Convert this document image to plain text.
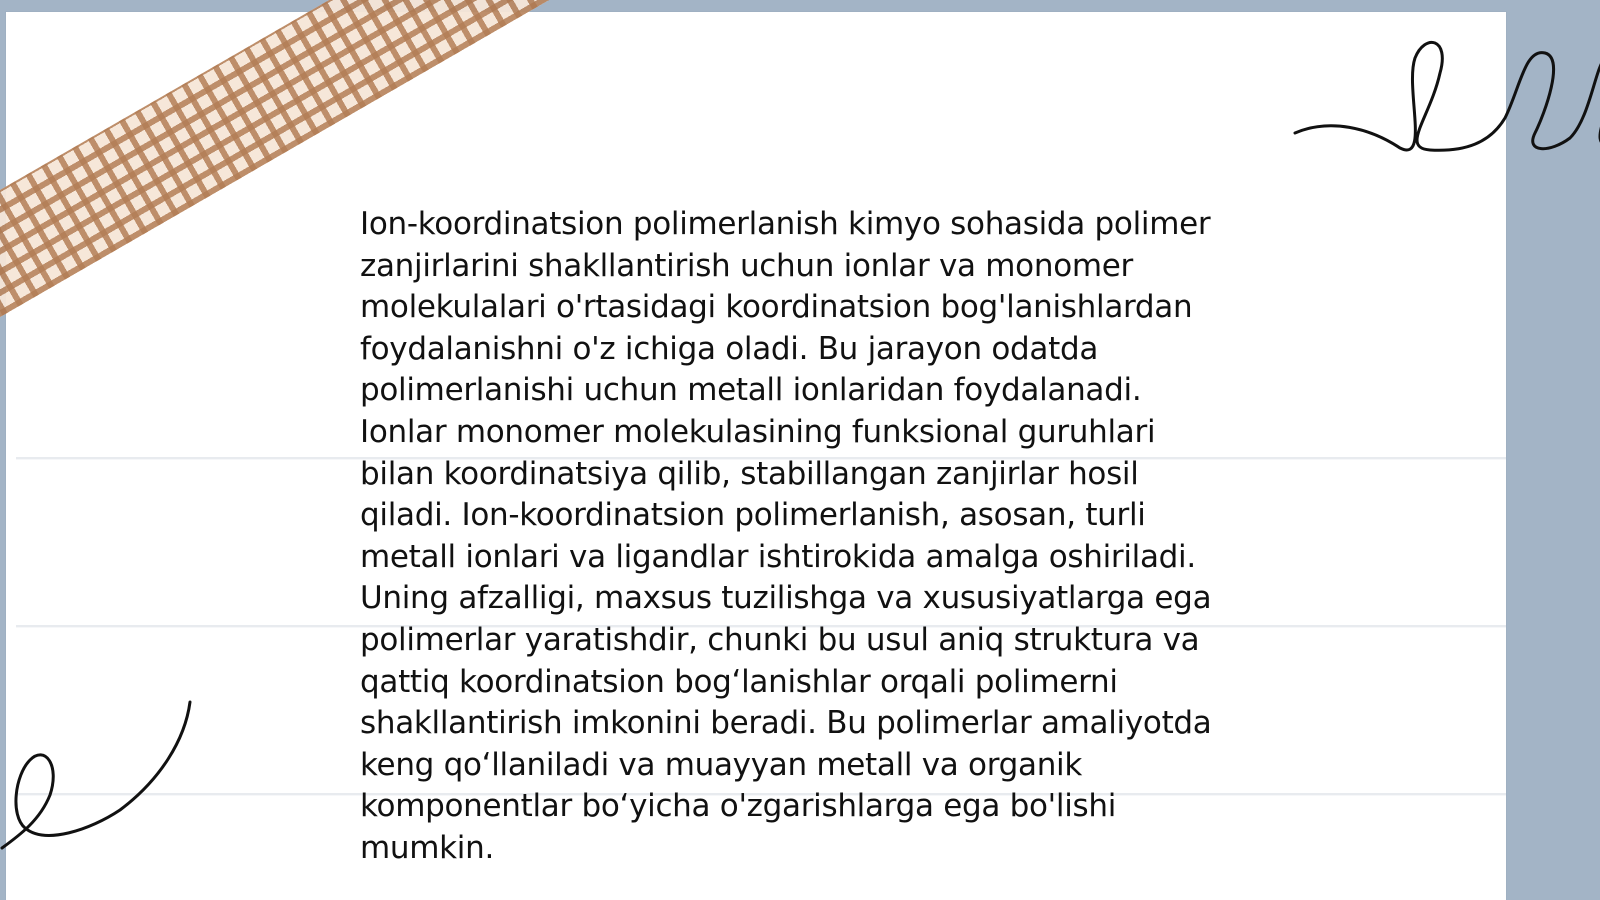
Ion-koordinatsion polimerlanish kimyo sohasida polimer zanjirlarini shakllantirish uchun ionlar va monomer molekulalari o'rtasidagi koordinatsion bog'lanishlardan foydalanishni o'z ichiga oladi. Bu jarayon odatda polimerlanishi uchun metall ionlaridan foydalanadi. Ionlar monomer molekulasining funksional guruhlari bilan koordinatsiya qilib, stabillangan zanjirlar hosil qiladi. Ion-koordinatsion polimerlanish, asosan, turli metall ionlari va ligandlar ishtirokida amalga oshiriladi. Uning afzalligi, maxsus tuzilishga va xususiyatlarga ega polimerlar yaratishdir, chunki bu usul aniq struktura va qattiq koordinatsion bog‘lanishlar orqali polimerni shakllantirish imkonini beradi. Bu polimerlar amaliyotda keng qo‘llaniladi va muayyan metall va organik komponentlar bo‘yicha o'zgarishlarga ega bo'lishi mumkin.
